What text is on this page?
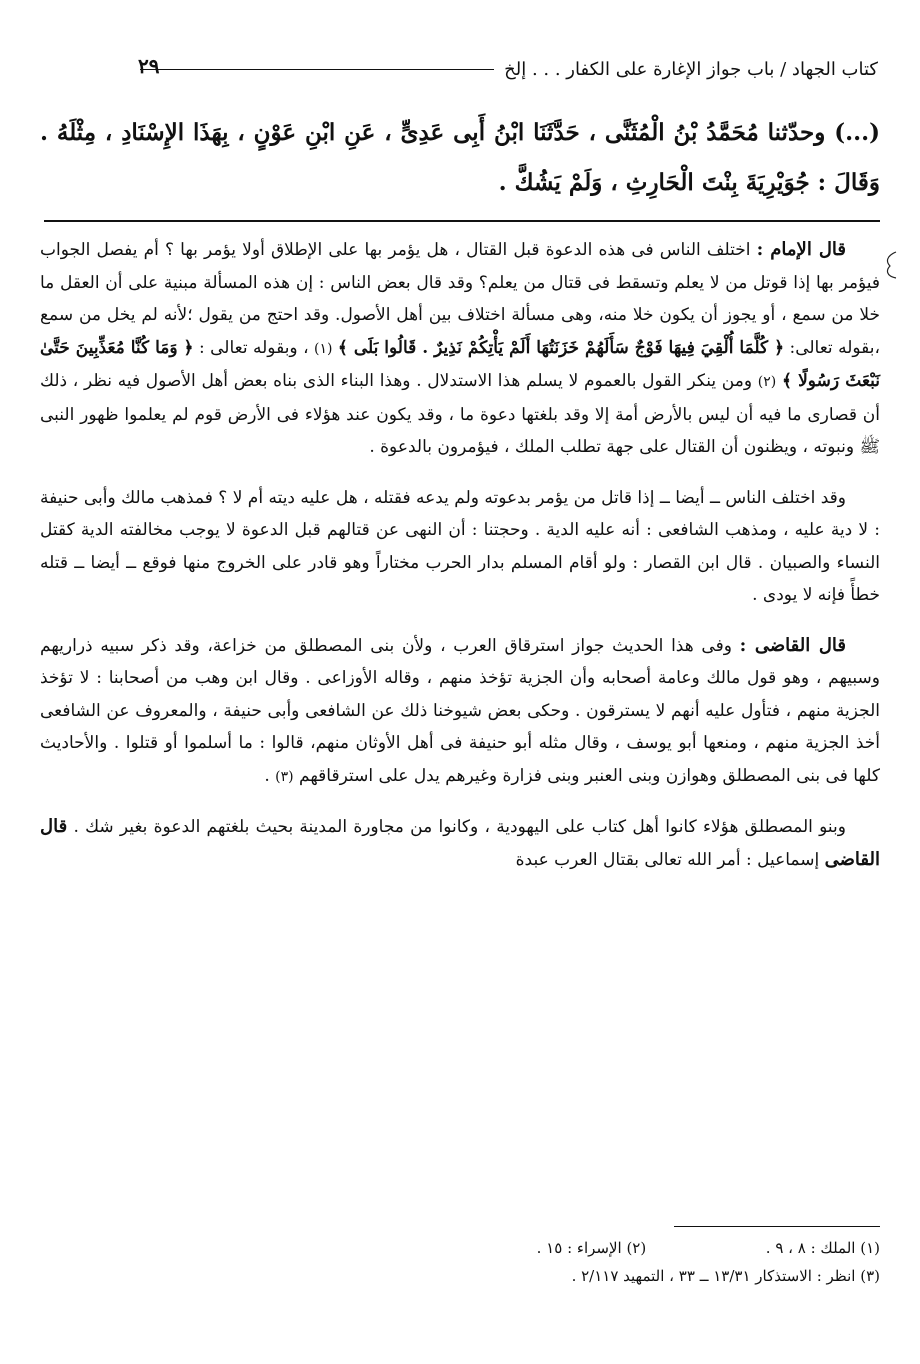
كتاب الجهاد / باب جواز الإغارة على الكفار . . . إلخ
٢٩
(...) وحدّثنا مُحَمَّدُ بْنُ الْمُثَنَّى ، حَدَّثَنَا ابْنُ أَبِى عَدِىٍّ ، عَنِ ابْنِ عَوْنٍ ، بِهَذَا الإِسْنَادِ ، مِثْلَهُ . وَقَالَ : جُوَيْرِيَةَ بِنْتَ الْحَارِثِ ، وَلَمْ يَشُكَّ .

قال الإمام : اختلف الناس فى هذه الدعوة قبل القتال ، هل يؤمر بها على الإطلاق أولا يؤمر بها ؟ أم يفصل الجواب فيؤمر بها إذا قوتل من لا يعلم وتسقط فى قتال من يعلم؟ وقد قال بعض الناس : إن هذه المسألة مبنية على أن العقل ما خلا من سمع ، أو يجوز أن يكون خلا منه، وهى مسألة اختلاف بين أهل الأصول. وقد احتج من يقول ؛لأنه لم يخل من سمع ،بقوله تعالى: ﴿ كُلَّمَا أُلْقِيَ فِيهَا فَوْجٌ سَأَلَهُمْ خَزَنَتُهَا أَلَمْ يَأْتِكُمْ نَذِيرٌ . قَالُوا بَلَى ﴾ (١) ، وبقوله تعالى : ﴿ وَمَا كُنَّا مُعَذِّبِينَ حَتَّىٰ نَبْعَثَ رَسُولًا ﴾ (٢) ومن ينكر القول بالعموم لا يسلم هذا الاستدلال . وهذا البناء الذى بناه بعض أهل الأصول فيه نظر ، ذلك أن قصارى ما فيه أن ليس بالأرض أمة إلا وقد بلغتها دعوة ما ، وقد يكون عند هؤلاء فى الأرض قوم لم يعلموا ظهور النبى ﷺ ونبوته ، ويظنون أن القتال على جهة تطلب الملك ، فيؤمرون بالدعوة .

وقد اختلف الناس ــ أيضا ــ إذا قاتل من يؤمر بدعوته ولم يدعه فقتله ، هل عليه ديته أم لا ؟ فمذهب مالك وأبى حنيفة : لا دية عليه ، ومذهب الشافعى : أنه عليه الدية . وحجتنا : أن النهى عن قتالهم قبل الدعوة لا يوجب مخالفته الدية كقتل النساء والصبيان . قال ابن القصار : ولو أقام المسلم بدار الحرب مختاراً وهو قادر على الخروج منها فوقع ــ أيضا ــ قتله خطأً فإنه لا يودى .

قال القاضى : وفى هذا الحديث جواز استرقاق العرب ، ولأن بنى المصطلق من خزاعة، وقد ذكر سبيه ذراريهم وسبيهم ، وهو قول مالك وعامة أصحابه وأن الجزية تؤخذ منهم ، وقاله الأوزاعى . وقال ابن وهب من أصحابنا : لا تؤخذ الجزية منهم ، فتأول عليه أنهم لا يسترقون . وحكى بعض شيوخنا ذلك عن الشافعى وأبى حنيفة ، والمعروف عن الشافعى أخذ الجزية منهم ، ومنعها أبو يوسف ، وقال مثله أبو حنيفة فى أهل الأوثان منهم، قالوا : ما أسلموا أو قتلوا . والأحاديث كلها فى بنى المصطلق وهوازن وبنى العنبر وبنى فزارة وغيرهم يدل على استرقاقهم (٣) .

وبنو المصطلق هؤلاء كانوا أهل كتاب على اليهودية ، وكانوا من مجاورة المدينة بحيث بلغتهم الدعوة بغير شك . قال القاضى إسماعيل : أمر الله تعالى بقتال العرب عبدة

(١) الملك : ٨ ، ٩ .  (٢) الإسراء : ١٥ .
(٣) انظر : الاستذكار ١٣/٣١ ــ ٣٣ ، التمهيد ٢/١١٧ .
